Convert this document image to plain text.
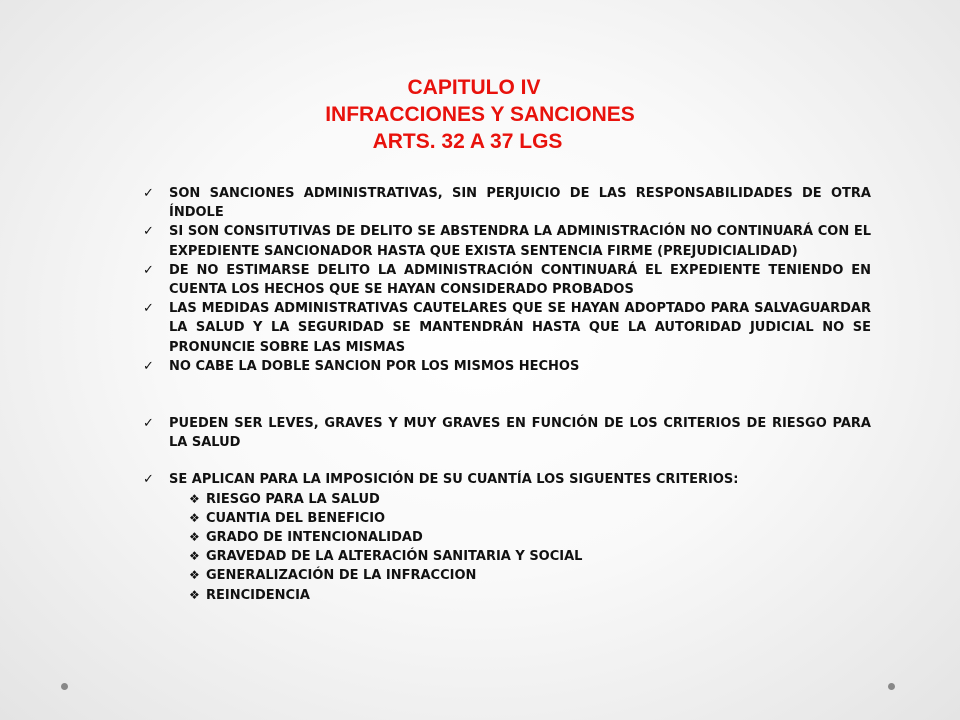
CAPITULO IV
INFRACCIONES Y SANCIONES
ARTS. 32 A 37 LGS
✓ SON SANCIONES ADMINISTRATIVAS, SIN PERJUICIO DE LAS RESPONSABILIDADES DE OTRA ÍNDOLE
✓ SI SON CONSITUTIVAS DE DELITO SE ABSTENDRA LA ADMINISTRACIÓN NO CONTINUARÁ CON EL EXPEDIENTE SANCIONADOR HASTA QUE EXISTA SENTENCIA FIRME (PREJUDICIALIDAD)
✓ DE NO ESTIMARSE DELITO LA ADMINISTRACIÓN CONTINUARÁ EL EXPEDIENTE TENIENDO EN CUENTA LOS HECHOS QUE SE HAYAN CONSIDERADO PROBADOS
✓ LAS MEDIDAS ADMINISTRATIVAS CAUTELARES QUE SE HAYAN ADOPTADO PARA SALVAGUARDAR LA SALUD Y LA SEGURIDAD SE MANTENDRÁN HASTA QUE LA AUTORIDAD JUDICIAL NO SE PRONUNCIE SOBRE LAS MISMAS
✓ NO CABE LA DOBLE SANCION POR LOS MISMOS HECHOS
✓ PUEDEN SER LEVES, GRAVES Y MUY GRAVES EN FUNCIÓN DE LOS CRITERIOS DE RIESGO PARA LA SALUD
✓ SE APLICAN PARA LA IMPOSICIÓN DE SU CUANTÍA LOS SIGUENTES CRITERIOS:
❖ RIESGO PARA LA SALUD
❖ CUANTIA DEL BENEFICIO
❖ GRADO DE INTENCIONALIDAD
❖ GRAVEDAD DE LA ALTERACIÓN SANITARIA Y SOCIAL
❖ GENERALIZACIÓN DE LA INFRACCION
❖ REINCIDENCIA
